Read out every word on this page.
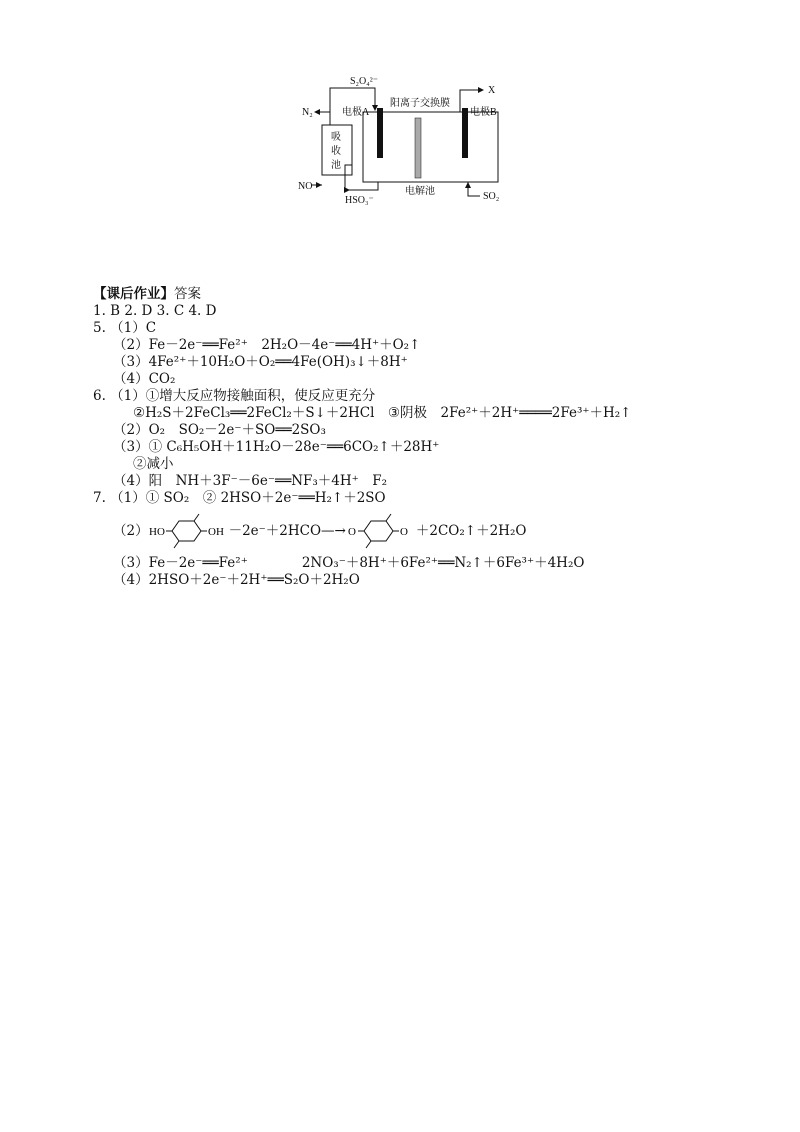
S₂O₄²⁻
N₂	电极A
阳离子交换膜
X
电极B
吸
收
池
NO
HSO₃⁻
电解池	SO₂
【课后作业】答案
1. B 2. D 3. C 4. D
5. （1）C
（2）Fe－2e⁻══Fe²⁺　2H₂O－4e⁻══4H⁺＋O₂↑
（3）4Fe²⁺＋10H₂O＋O₂══4Fe(OH)₃↓＋8H⁺
（4）CO₂
6. （1）①增大反应物接触面积，使反应更充分
②H₂S＋2FeCl₃══2FeCl₂＋S↓＋2HCl　③阴极　2Fe²⁺＋2H⁺════2Fe³⁺＋H₂↑
（2）O₂　SO₂－2e⁻＋SO══2SO₃
（3）① C₆H₅OH＋11H₂O－28e⁻══6CO₂↑＋28H⁺
②减小
（4）阳　NH＋3F⁻－6e⁻══NF₃＋4H⁺　F₂
7. （1）① SO₂　② 2HSO＋2e⁻══H₂↑＋2SO
（2） HO	OH －2e⁻＋2HCO—→ O	O ＋2CO₂↑＋2H₂O
（3）Fe－2e⁻══Fe²⁺　　　　2NO₃⁻＋8H⁺＋6Fe²⁺══N₂↑＋6Fe³⁺＋4H₂O
（4）2HSO＋2e⁻＋2H⁺══S₂O＋2H₂O
